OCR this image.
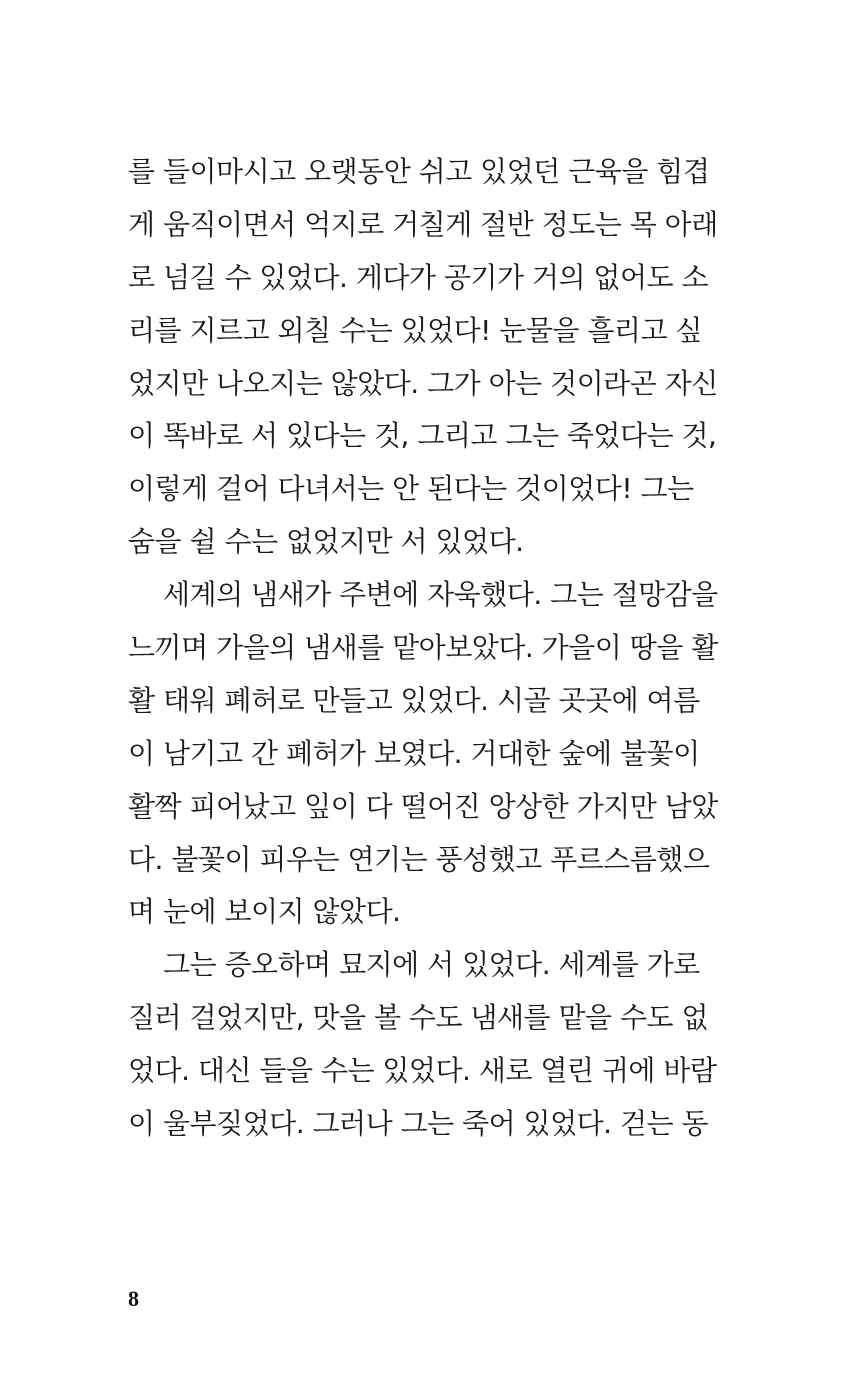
를 들이마시고 오랫동안 쉬고 있었던 근육을 힘겹
게 움직이면서 억지로 거칠게 절반 정도는 목 아래
로 넘길 수 있었다. 게다가 공기가 거의 없어도 소
리를 지르고 외칠 수는 있었다! 눈물을 흘리고 싶
었지만 나오지는 않았다. 그가 아는 것이라곤 자신
이 똑바로 서 있다는 것, 그리고 그는 죽었다는 것,
이렇게 걸어 다녀서는 안 된다는 것이었다! 그는
숨을 쉴 수는 없었지만 서 있었다.
세계의 냄새가 주변에 자욱했다. 그는 절망감을
느끼며 가을의 냄새를 맡아보았다. 가을이 땅을 활
활 태워 폐허로 만들고 있었다. 시골 곳곳에 여름
이 남기고 간 폐허가 보였다. 거대한 숲에 불꽃이
활짝 피어났고 잎이 다 떨어진 앙상한 가지만 남았
다. 불꽃이 피우는 연기는 풍성했고 푸르스름했으
며 눈에 보이지 않았다.
그는 증오하며 묘지에 서 있었다. 세계를 가로
질러 걸었지만, 맛을 볼 수도 냄새를 맡을 수도 없
었다. 대신 들을 수는 있었다. 새로 열린 귀에 바람
이 울부짖었다. 그러나 그는 죽어 있었다. 걷는 동
8
